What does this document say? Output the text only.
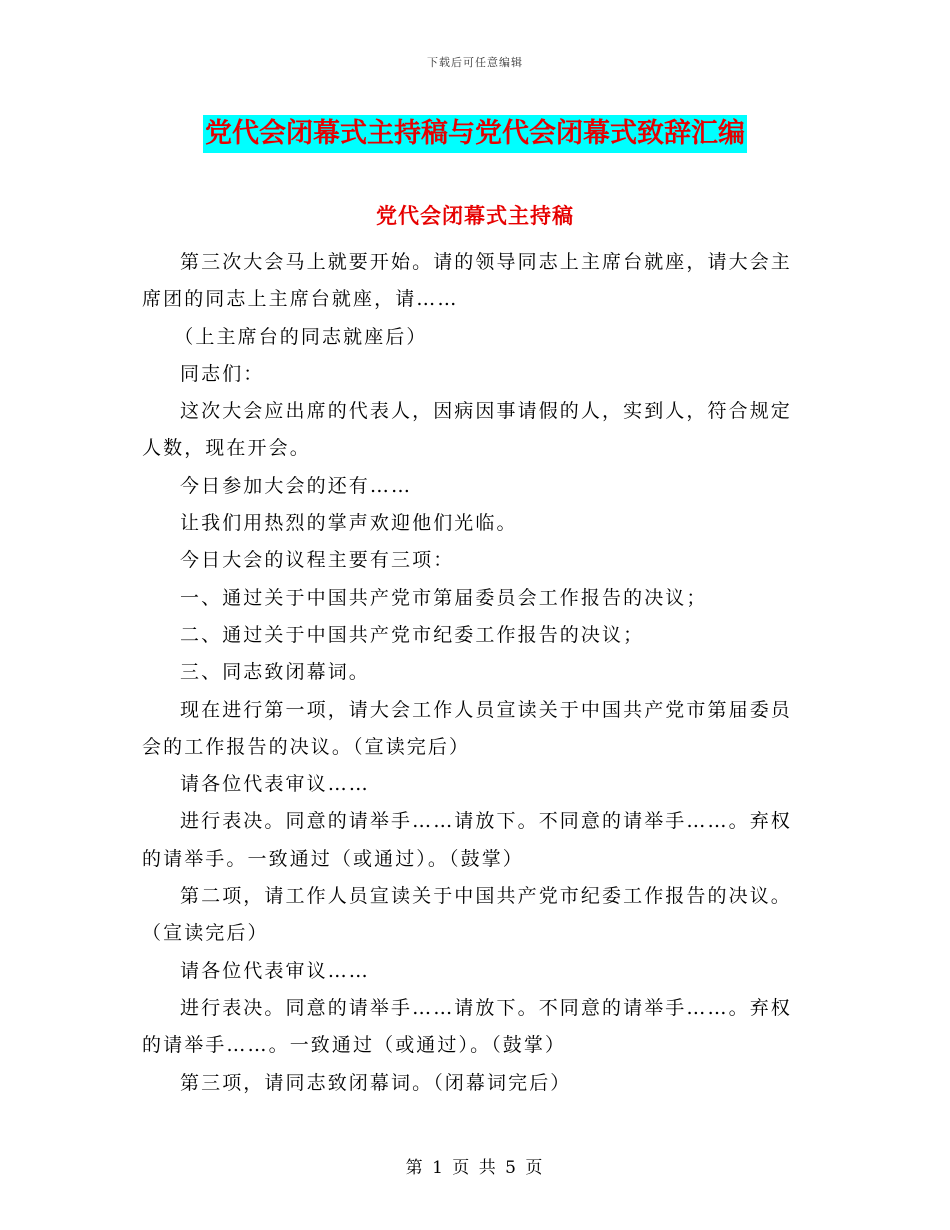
下载后可任意编辑
党代会闭幕式主持稿与党代会闭幕式致辞汇编
党代会闭幕式主持稿

第三次大会马上就要开始。请的领导同志上主席台就座，请大会主席团的同志上主席台就座，请……

（上主席台的同志就座后）

同志们：

这次大会应出席的代表人，因病因事请假的人，实到人，符合规定人数，现在开会。

今日参加大会的还有……

让我们用热烈的掌声欢迎他们光临。

今日大会的议程主要有三项：

一、通过关于中国共产党市第届委员会工作报告的决议；

二、通过关于中国共产党市纪委工作报告的决议；

三、同志致闭幕词。

现在进行第一项，请大会工作人员宣读关于中国共产党市第届委员会的工作报告的决议。（宣读完后）

请各位代表审议……

进行表决。同意的请举手……请放下。不同意的请举手……。弃权的请举手。一致通过（或通过）。（鼓掌）

第二项，请工作人员宣读关于中国共产党市纪委工作报告的决议。（宣读完后）

请各位代表审议……

进行表决。同意的请举手……请放下。不同意的请举手……。弃权的请举手……。一致通过（或通过）。（鼓掌）

第三项，请同志致闭幕词。（闭幕词完后）

第 1 页 共 5 页
